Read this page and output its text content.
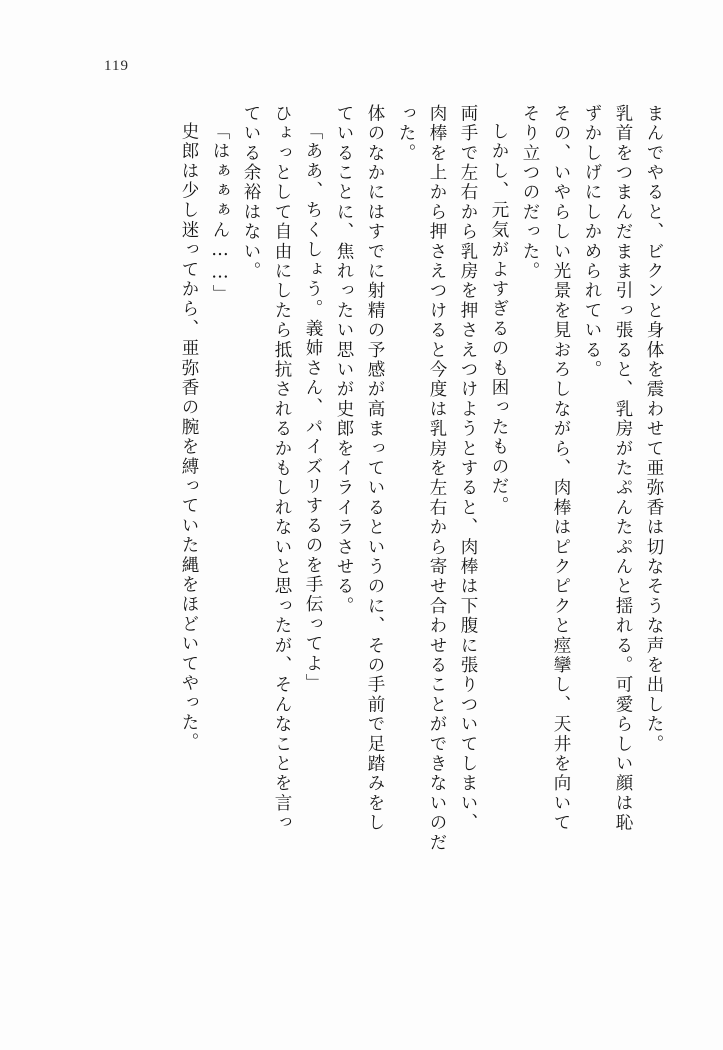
119
まんでやると、ビクンと身体を震わせて亜弥香は切なそうな声を出した。
乳首をつまんだまま引っ張ると、乳房がたぷんたぷんと揺れる。可愛らしい顔は恥
ずかしげにしかめられている。
その、いやらしい光景を見おろしながら、肉棒はピクピクと痙攣し、天井を向いて
そり立つのだった。
しかし、元気がよすぎるのも困ったものだ。
両手で左右から乳房を押さえつけようとすると、肉棒は下腹に張りついてしまい、
肉棒を上から押さえつけると今度は乳房を左右から寄せ合わせることができないのだ
った。
体のなかにはすでに射精の予感が高まっているというのに、その手前で足踏みをし
ていることに、焦れったい思いが史郎をイライラさせる。
「ああ、ちくしょう。義姉さん、パイズリするのを手伝ってよ」
ひょっとして自由にしたら抵抗されるかもしれないと思ったが、そんなことを言っ
ている余裕はない。
「はぁぁぁん……」
史郎は少し迷ってから、亜弥香の腕を縛っていた縄をほどいてやった。
